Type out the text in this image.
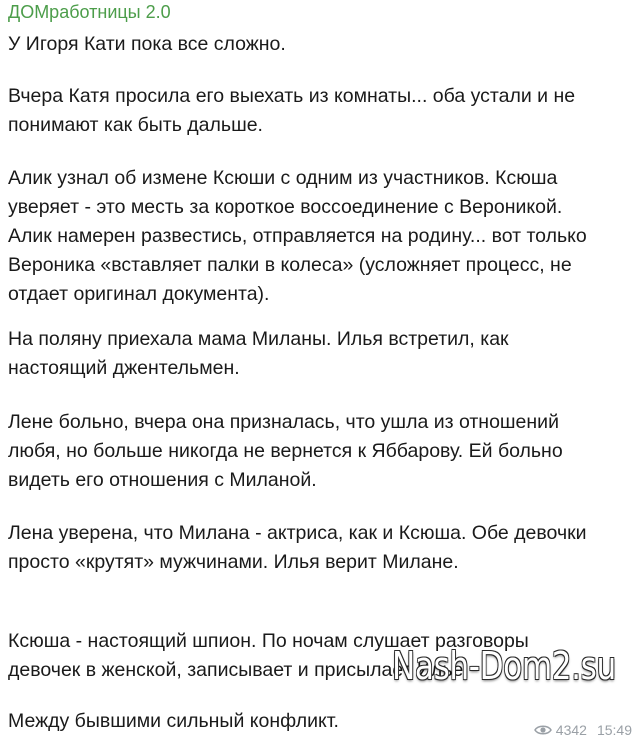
ДОМработницы 2.0

У Игоря Кати пока все сложно.

Вчера Катя просила его выехать из комнаты... оба устали и не
понимают как быть дальше.

Алик узнал об измене Ксюши с одним из участников. Ксюша
уверяет - это месть за короткое воссоединение с Вероникой.
Алик намерен развестись, отправляется на родину... вот только
Вероника «вставляет палки в колеса» (усложняет процесс, не
отдает оригинал документа).

На поляну приехала мама Миланы. Илья встретил, как
настоящий джентельмен.

Лене больно, вчера она призналась, что ушла из отношений
любя, но больше никогда не вернется к Яббарову. Ей больно
видеть его отношения с Миланой.

Лена уверена, что Милана - актриса, как и Ксюша. Обе девочки
просто «крутят» мужчинами. Илья верит Милане.

Ксюша - настоящий шпион. По ночам слушает разговоры
девочек в женской, записывает и присылает Илье.

Между бывшими сильный конфликт.

Nash-Dom2.su
4342 15:49
